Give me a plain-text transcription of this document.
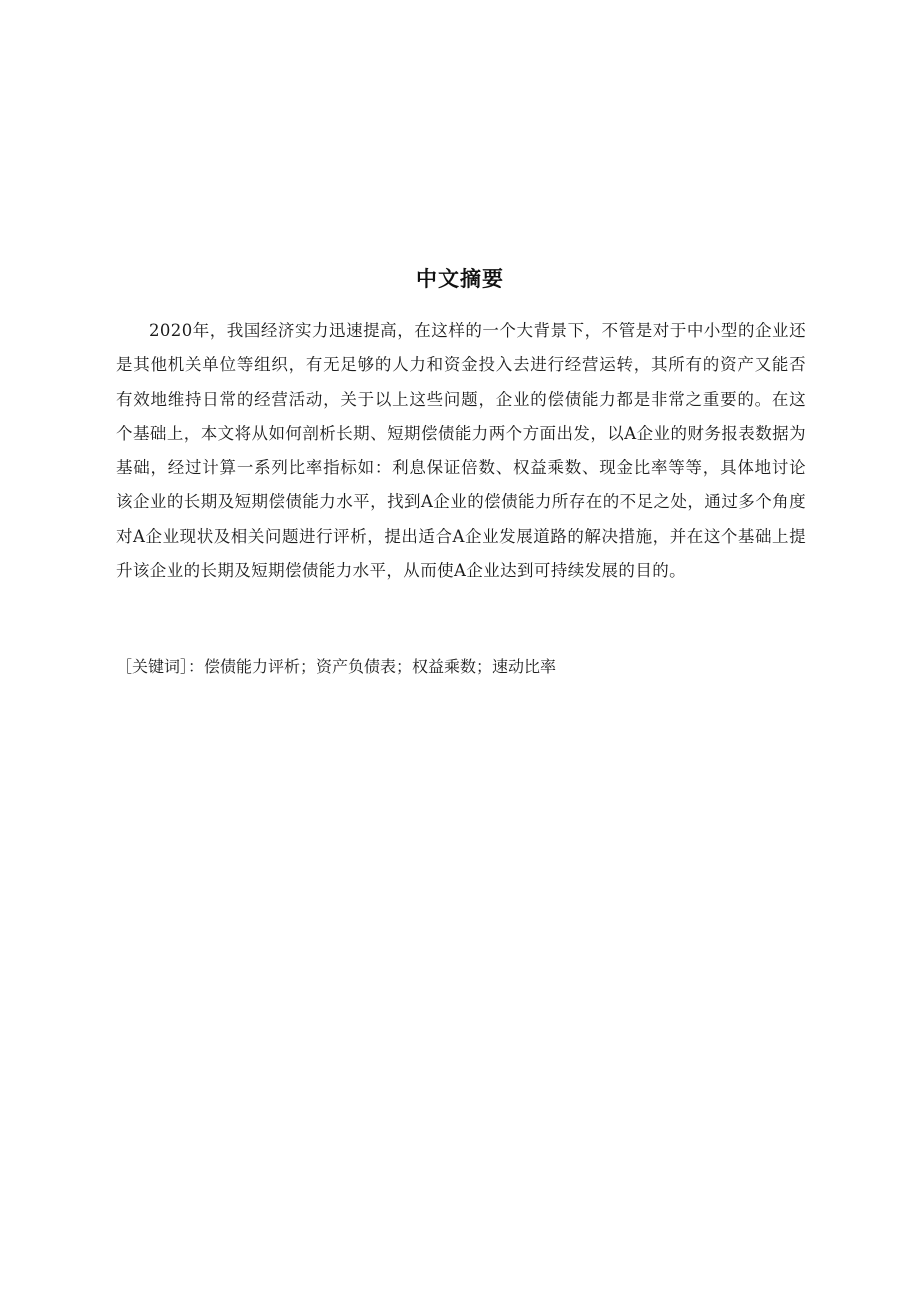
中文摘要

2020年，我国经济实力迅速提高，在这样的一个大背景下，不管是对于中小型的企业还是其他机关单位等组织，有无足够的人力和资金投入去进行经营运转，其所有的资产又能否有效地维持日常的经营活动，关于以上这些问题，企业的偿债能力都是非常之重要的。在这个基础上，本文将从如何剖析长期、短期偿债能力两个方面出发，以A企业的财务报表数据为基础，经过计算一系列比率指标如：利息保证倍数、权益乘数、现金比率等等，具体地讨论该企业的长期及短期偿债能力水平，找到A企业的偿债能力所存在的不足之处，通过多个角度对A企业现状及相关问题进行评析，提出适合A企业发展道路的解决措施，并在这个基础上提升该企业的长期及短期偿债能力水平，从而使A企业达到可持续发展的目的。

［关键词］：偿债能力评析；资产负债表；权益乘数；速动比率
